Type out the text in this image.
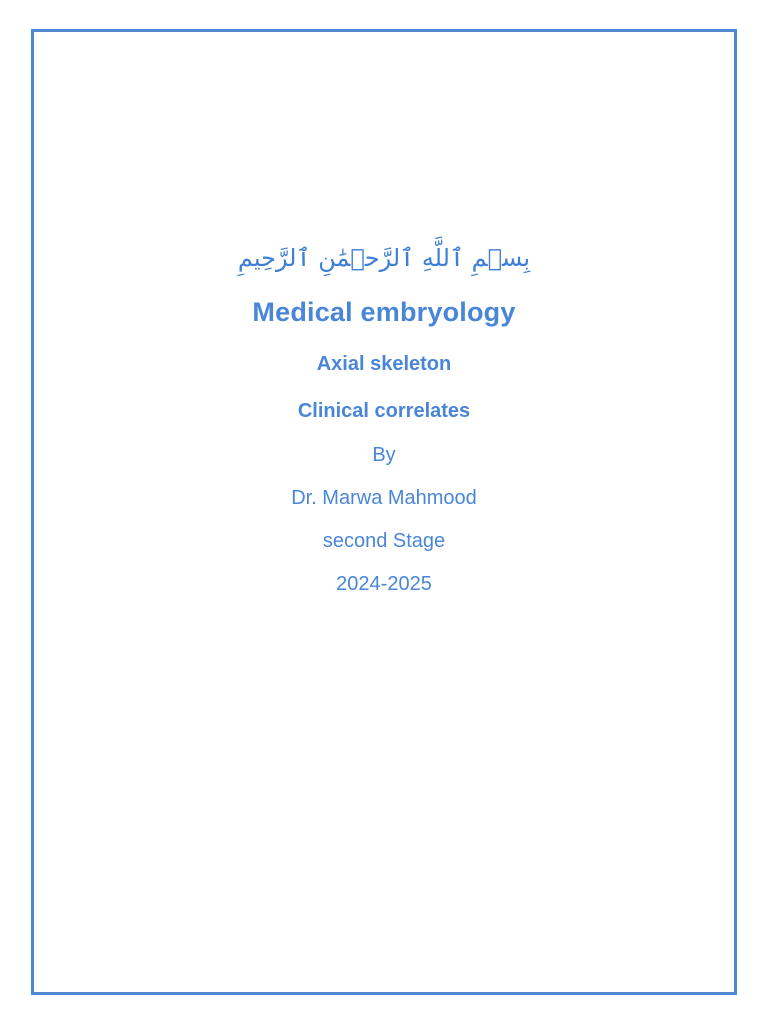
بِسۡمِ ٱللَّهِ ٱلرَّحۡمَٰنِ ٱلرَّحِيمِ
Medical embryology
Axial skeleton
Clinical correlates
By
Dr. Marwa Mahmood
second Stage
2024-2025
